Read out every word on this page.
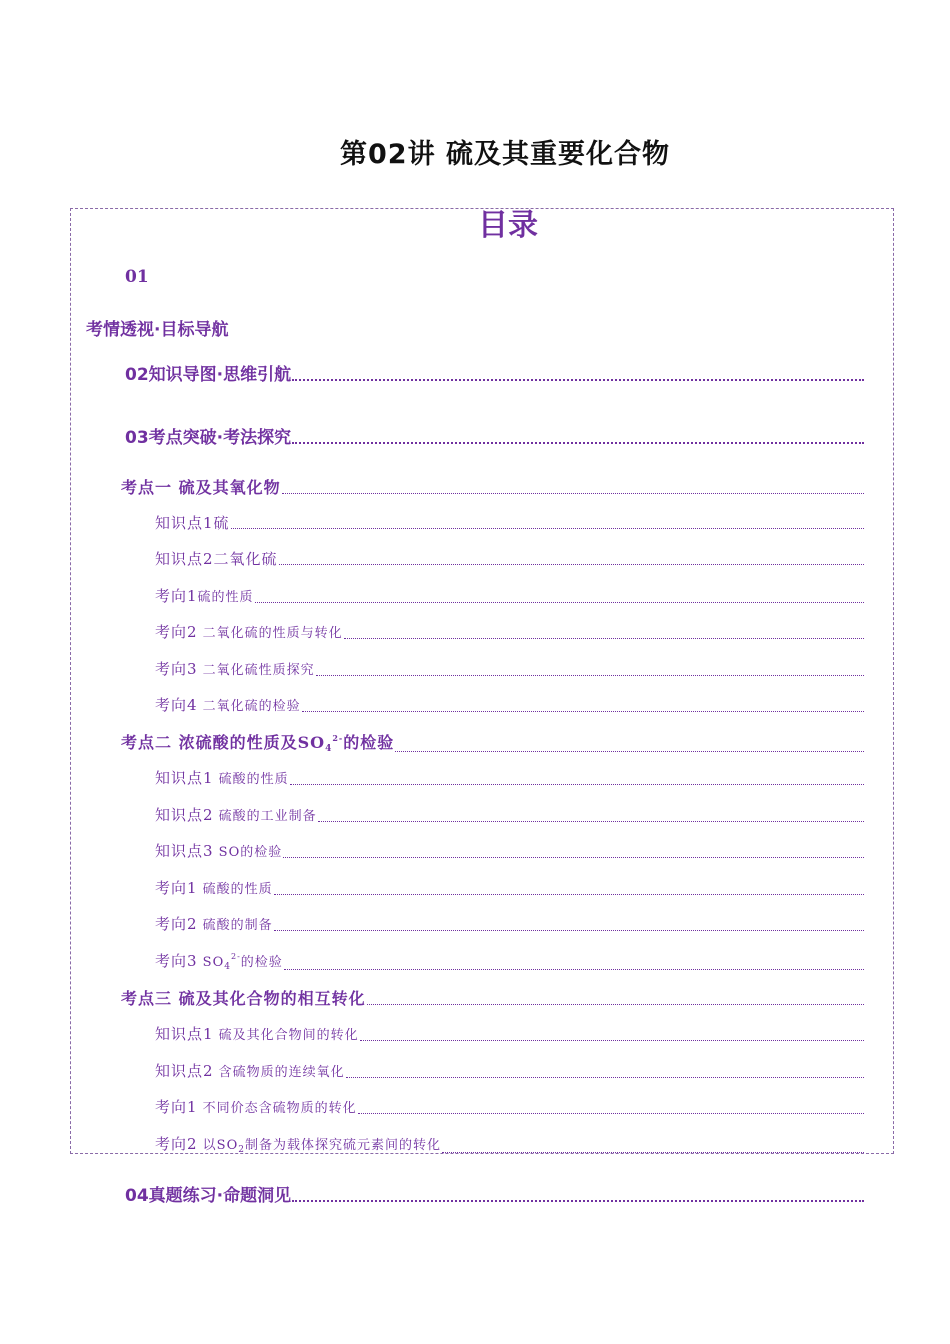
第02讲 硫及其重要化合物
目录
01
考情透视·目标导航
02知识导图·思维引航
03考点突破·考法探究
考点一 硫及其氧化物
知识点1硫
知识点2二氧化硫
考向1硫的性质
考向2 二氧化硫的性质与转化
考向3 二氧化硫性质探究
考向4 二氧化硫的检验
考点二 浓硫酸的性质及$SO_4^{2-}$的检验
知识点1 硫酸的性质
知识点2 硫酸的工业制备
知识点3 SO的检验
考向1 硫酸的性质
考向2 硫酸的制备
考向3 $SO_4^{2-}$的检验
考点三 硫及其化合物的相互转化
知识点1 硫及其化合物间的转化
知识点2 含硫物质的连续氧化
考向1 不同价态含硫物质的转化
考向2 以$SO_2$制备为载体探究硫元素间的转化
04真题练习·命题洞见
